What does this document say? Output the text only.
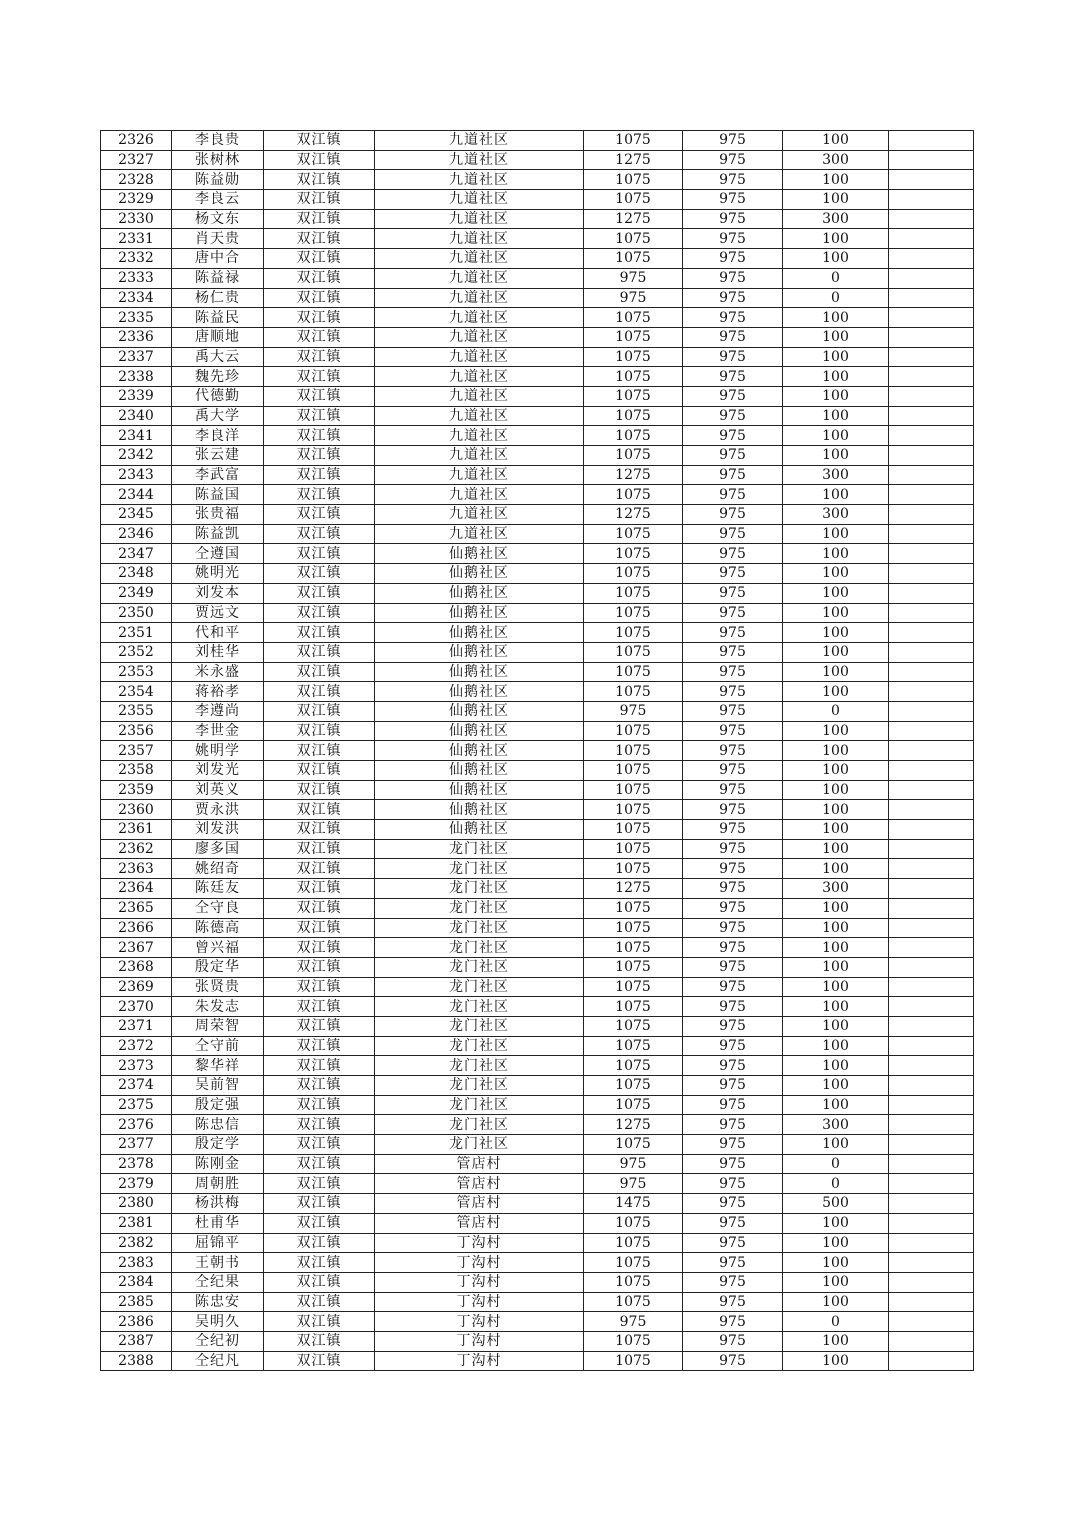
2326	李良贵	双江镇	九道社区	1075	975	100	
2327	张树林	双江镇	九道社区	1275	975	300	
2328	陈益勋	双江镇	九道社区	1075	975	100	
2329	李良云	双江镇	九道社区	1075	975	100	
2330	杨文东	双江镇	九道社区	1275	975	300	
2331	肖天贵	双江镇	九道社区	1075	975	100	
2332	唐中合	双江镇	九道社区	1075	975	100	
2333	陈益禄	双江镇	九道社区	975	975	0	
2334	杨仁贵	双江镇	九道社区	975	975	0	
2335	陈益民	双江镇	九道社区	1075	975	100	
2336	唐顺地	双江镇	九道社区	1075	975	100	
2337	禹大云	双江镇	九道社区	1075	975	100	
2338	魏先珍	双江镇	九道社区	1075	975	100	
2339	代德勤	双江镇	九道社区	1075	975	100	
2340	禹大学	双江镇	九道社区	1075	975	100	
2341	李良洋	双江镇	九道社区	1075	975	100	
2342	张云建	双江镇	九道社区	1075	975	100	
2343	李武富	双江镇	九道社区	1275	975	300	
2344	陈益国	双江镇	九道社区	1075	975	100	
2345	张贵福	双江镇	九道社区	1275	975	300	
2346	陈益凯	双江镇	九道社区	1075	975	100	
2347	仝遵国	双江镇	仙鹅社区	1075	975	100	
2348	姚明光	双江镇	仙鹅社区	1075	975	100	
2349	刘发本	双江镇	仙鹅社区	1075	975	100	
2350	贾远文	双江镇	仙鹅社区	1075	975	100	
2351	代和平	双江镇	仙鹅社区	1075	975	100	
2352	刘桂华	双江镇	仙鹅社区	1075	975	100	
2353	米永盛	双江镇	仙鹅社区	1075	975	100	
2354	蒋裕孝	双江镇	仙鹅社区	1075	975	100	
2355	李遵尚	双江镇	仙鹅社区	975	975	0	
2356	李世金	双江镇	仙鹅社区	1075	975	100	
2357	姚明学	双江镇	仙鹅社区	1075	975	100	
2358	刘发光	双江镇	仙鹅社区	1075	975	100	
2359	刘英义	双江镇	仙鹅社区	1075	975	100	
2360	贾永洪	双江镇	仙鹅社区	1075	975	100	
2361	刘发洪	双江镇	仙鹅社区	1075	975	100	
2362	廖多国	双江镇	龙门社区	1075	975	100	
2363	姚绍奇	双江镇	龙门社区	1075	975	100	
2364	陈廷友	双江镇	龙门社区	1275	975	300	
2365	仝守良	双江镇	龙门社区	1075	975	100	
2366	陈德高	双江镇	龙门社区	1075	975	100	
2367	曾兴福	双江镇	龙门社区	1075	975	100	
2368	殷定华	双江镇	龙门社区	1075	975	100	
2369	张贤贵	双江镇	龙门社区	1075	975	100	
2370	朱发志	双江镇	龙门社区	1075	975	100	
2371	周荣智	双江镇	龙门社区	1075	975	100	
2372	仝守前	双江镇	龙门社区	1075	975	100	
2373	黎华祥	双江镇	龙门社区	1075	975	100	
2374	吴前智	双江镇	龙门社区	1075	975	100	
2375	殷定强	双江镇	龙门社区	1075	975	100	
2376	陈忠信	双江镇	龙门社区	1275	975	300	
2377	殷定学	双江镇	龙门社区	1075	975	100	
2378	陈刚金	双江镇	管店村	975	975	0	
2379	周朝胜	双江镇	管店村	975	975	0	
2380	杨洪梅	双江镇	管店村	1475	975	500	
2381	杜甫华	双江镇	管店村	1075	975	100	
2382	屈锦平	双江镇	丁沟村	1075	975	100	
2383	王朝书	双江镇	丁沟村	1075	975	100	
2384	仝纪果	双江镇	丁沟村	1075	975	100	
2385	陈忠安	双江镇	丁沟村	1075	975	100	
2386	吴明久	双江镇	丁沟村	975	975	0	
2387	仝纪初	双江镇	丁沟村	1075	975	100	
2388	仝纪凡	双江镇	丁沟村	1075	975	100	
